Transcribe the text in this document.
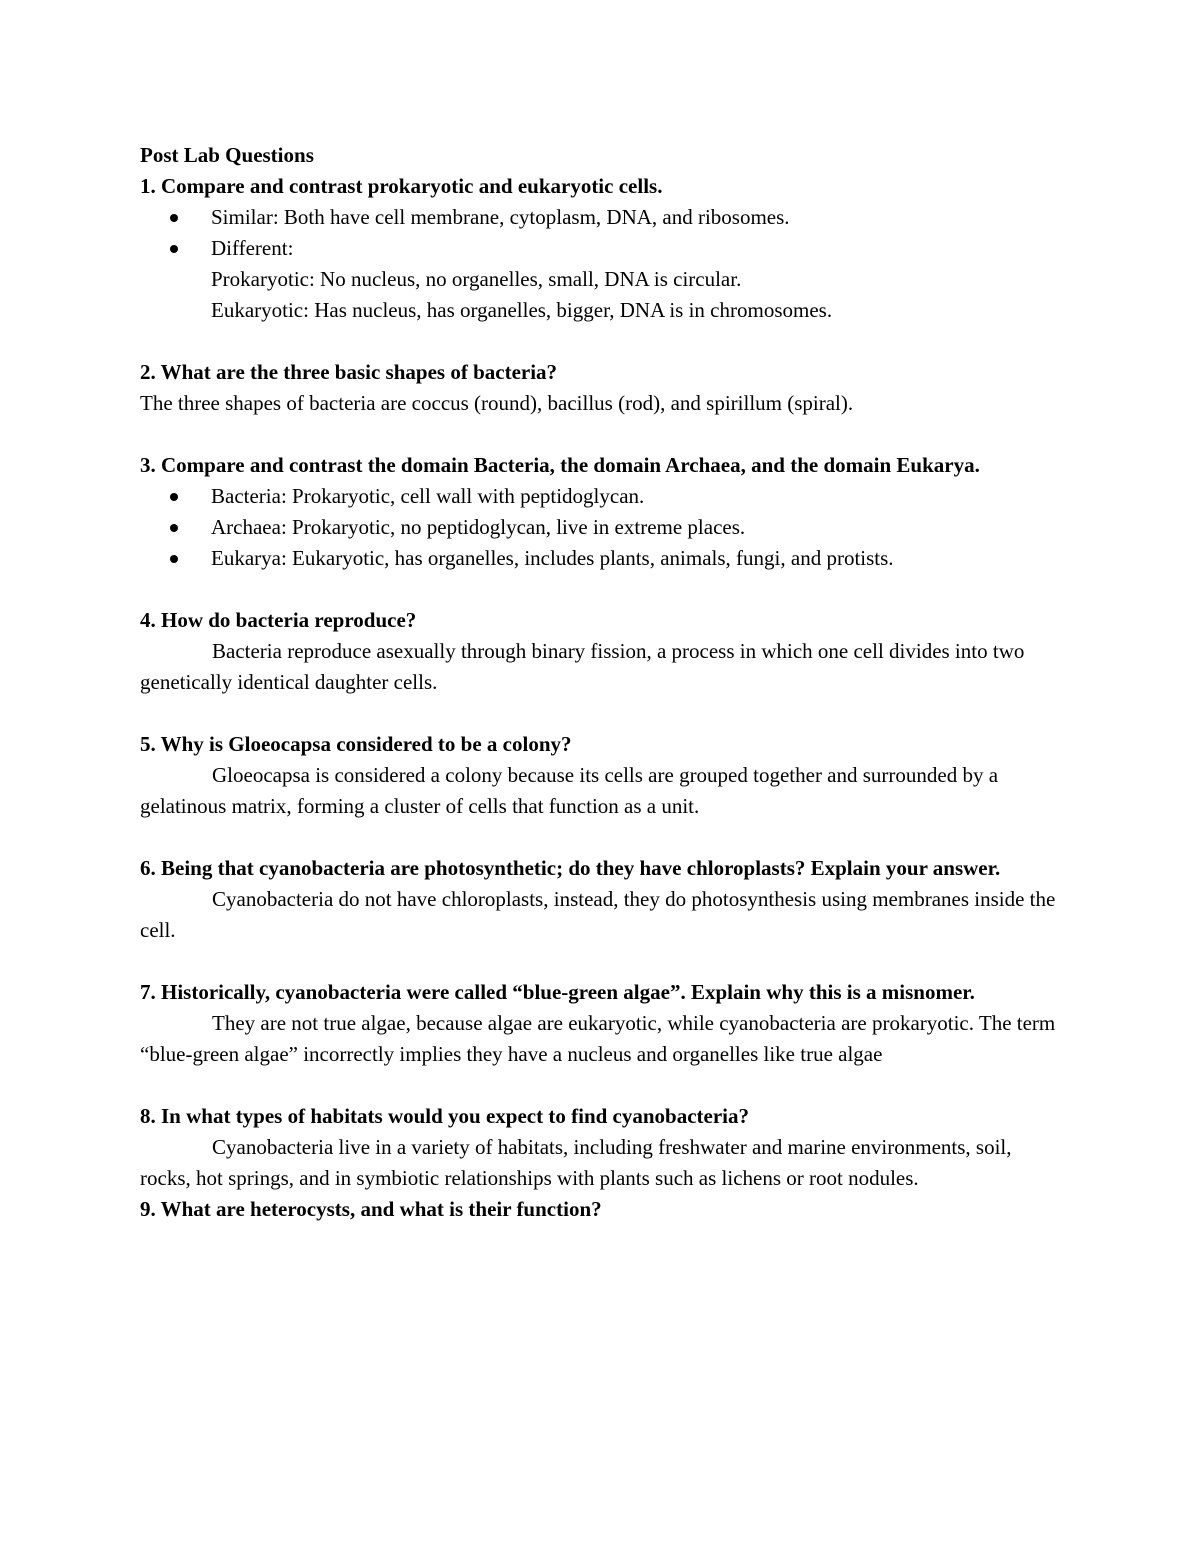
Post Lab Questions

1. Compare and contrast prokaryotic and eukaryotic cells.

Similar: Both have cell membrane, cytoplasm, DNA, and ribosomes.
Different:

Prokaryotic: No nucleus, no organelles, small, DNA is circular.

Eukaryotic: Has nucleus, has organelles, bigger, DNA is in chromosomes.

2. What are the three basic shapes of bacteria?

The three shapes of bacteria are coccus (round), bacillus (rod), and spirillum (spiral).

3. Compare and contrast the domain Bacteria, the domain Archaea, and the domain Eukarya.

Bacteria: Prokaryotic, cell wall with peptidoglycan.
Archaea: Prokaryotic, no peptidoglycan, live in extreme places.
Eukarya: Eukaryotic, has organelles, includes plants, animals, fungi, and protists.

4. How do bacteria reproduce?

Bacteria reproduce asexually through binary fission, a process in which one cell divides into two genetically identical daughter cells.

5. Why is Gloeocapsa considered to be a colony?

Gloeocapsa is considered a colony because its cells are grouped together and surrounded by a gelatinous matrix, forming a cluster of cells that function as a unit.

6. Being that cyanobacteria are photosynthetic; do they have chloroplasts? Explain your answer.

Cyanobacteria do not have chloroplasts, instead, they do photosynthesis using membranes inside the cell.

7. Historically, cyanobacteria were called “blue-green algae”. Explain why this is a misnomer.

They are not true algae, because algae are eukaryotic, while cyanobacteria are prokaryotic. The term “blue-green algae” incorrectly implies they have a nucleus and organelles like true algae

8. In what types of habitats would you expect to find cyanobacteria?

Cyanobacteria live in a variety of habitats, including freshwater and marine environments, soil, rocks, hot springs, and in symbiotic relationships with plants such as lichens or root nodules.

9. What are heterocysts, and what is their function?
